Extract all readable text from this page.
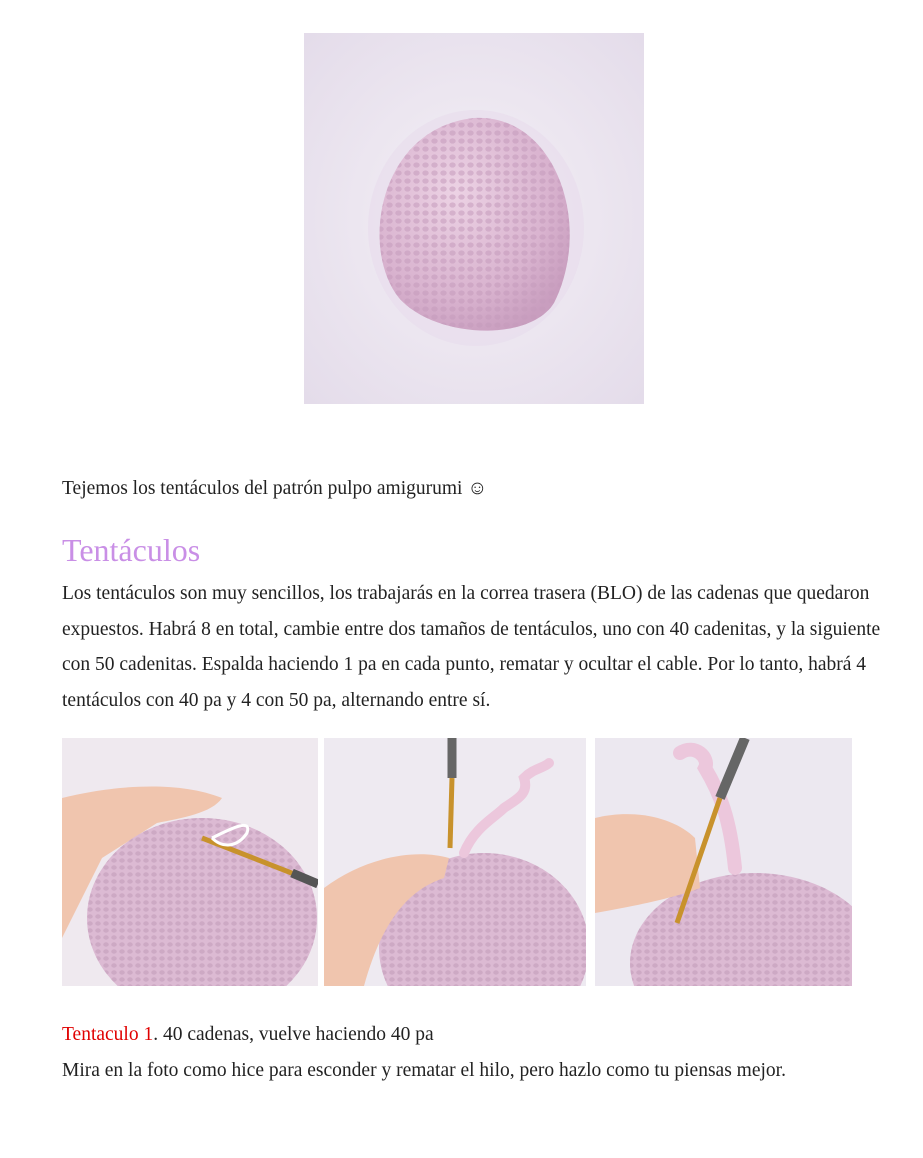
Tejemos los tentáculos del patrón pulpo amigurumi ☺
Tentáculos
Los tentáculos son muy sencillos, los trabajarás en la correa trasera (BLO) de las cadenas que quedaron expuestos. Habrá 8 en total, cambie entre dos tamaños de tentáculos, uno con 40 cadenitas, y la siguiente con 50 cadenitas. Espalda haciendo 1 pa en cada punto, rematar y ocultar el cable. Por lo tanto, habrá 4 tentáculos con 40 pa y 4 con 50 pa, alternando entre sí.
Tentaculo 1. 40 cadenas, vuelve haciendo 40 pa
Mira en la foto como hice para esconder y rematar el hilo, pero hazlo como tu piensas mejor.
